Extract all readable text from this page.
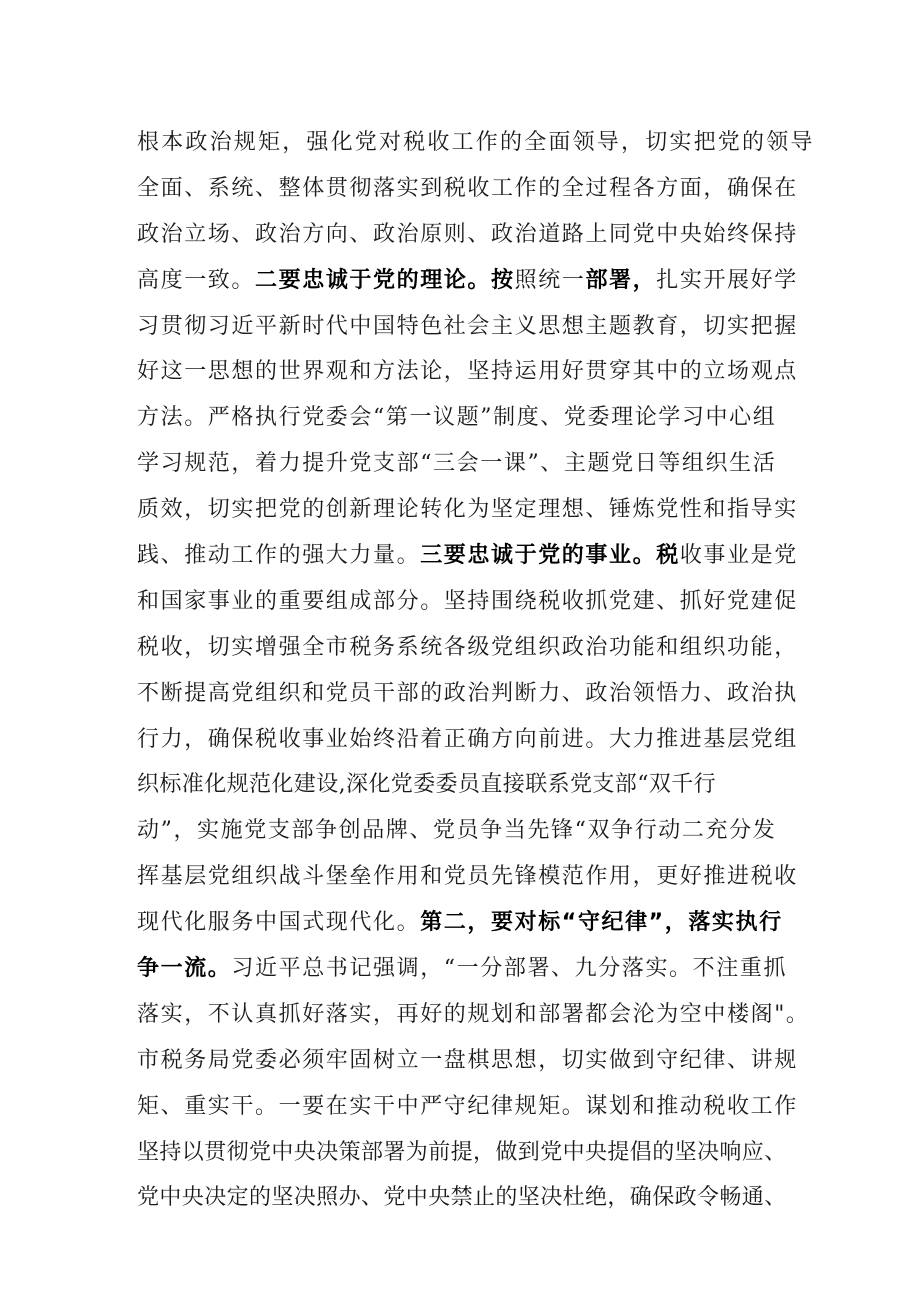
根本政治规矩，强化党对税收工作的全面领导，切实把党的领导
全面、系统、整体贯彻落实到税收工作的全过程各方面，确保在
政治立场、政治方向、政治原则、政治道路上同党中央始终保持
高度一致。二要忠诚于党的理论。按照统一部署，扎实开展好学
习贯彻习近平新时代中国特色社会主义思想主题教育，切实把握
好这一思想的世界观和方法论，坚持运用好贯穿其中的立场观点
方法。严格执行党委会“第一议题”制度、党委理论学习中心组
学习规范，着力提升党支部“三会一课”、主题党日等组织生活
质效，切实把党的创新理论转化为坚定理想、锤炼党性和指导实
践、推动工作的强大力量。三要忠诚于党的事业。税收事业是党
和国家事业的重要组成部分。坚持围绕税收抓党建、抓好党建促
税收，切实增强全市税务系统各级党组织政治功能和组织功能，
不断提高党组织和党员干部的政治判断力、政治领悟力、政治执
行力，确保税收事业始终沿着正确方向前进。大力推进基层党组
织标准化规范化建设,深化党委委员直接联系党支部“双千行
动”，实施党支部争创品牌、党员争当先锋“双争行动二充分发
挥基层党组织战斗堡垒作用和党员先锋模范作用，更好推进税收
现代化服务中国式现代化。第二，要对标“守纪律”，落实执行
争一流。习近平总书记强调，“一分部署、九分落实。不注重抓
落实，不认真抓好落实，再好的规划和部署都会沦为空中楼阁"。
市税务局党委必须牢固树立一盘棋思想，切实做到守纪律、讲规
矩、重实干。一要在实干中严守纪律规矩。谋划和推动税收工作
坚持以贯彻党中央决策部署为前提，做到党中央提倡的坚决响应、
党中央决定的坚决照办、党中央禁止的坚决杜绝，确保政令畅通、
